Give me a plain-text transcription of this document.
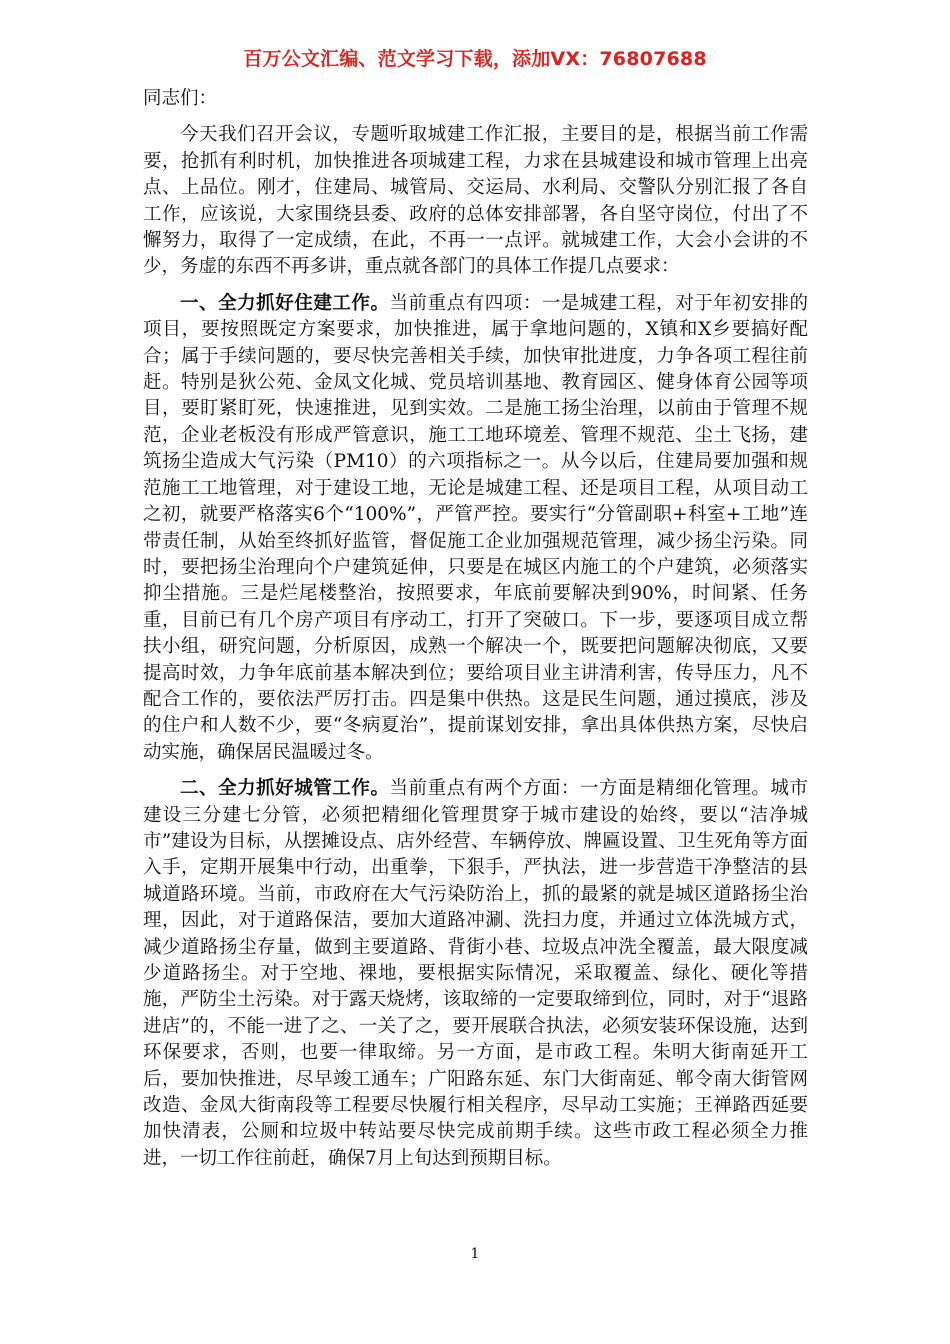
百万公文汇编、范文学习下载，添加VX：76807688

同志们：

今天我们召开会议，专题听取城建工作汇报，主要目的是，根据当前工作需要，抢抓有利时机，加快推进各项城建工程，力求在县城建设和城市管理上出亮点、上品位。刚才，住建局、城管局、交运局、水利局、交警队分别汇报了各自工作，应该说，大家围绕县委、政府的总体安排部署，各自坚守岗位，付出了不懈努力，取得了一定成绩，在此，不再一一点评。就城建工作，大会小会讲的不少，务虚的东西不再多讲，重点就各部门的具体工作提几点要求：

一、全力抓好住建工作。当前重点有四项：一是城建工程，对于年初安排的项目，要按照既定方案要求，加快推进，属于拿地问题的，X镇和X乡要搞好配合；属于手续问题的，要尽快完善相关手续，加快审批进度，力争各项工程往前赶。特别是狄公苑、金凤文化城、党员培训基地、教育园区、健身体育公园等项目，要盯紧盯死，快速推进，见到实效。二是施工扬尘治理，以前由于管理不规范，企业老板没有形成严管意识，施工工地环境差、管理不规范、尘土飞扬，建筑扬尘造成大气污染（PM10）的六项指标之一。从今以后，住建局要加强和规范施工工地管理，对于建设工地，无论是城建工程、还是项目工程，从项目动工之初，就要严格落实6个“100%”，严管严控。要实行“分管副职+科室+工地”连带责任制，从始至终抓好监管，督促施工企业加强规范管理，减少扬尘污染。同时，要把扬尘治理向个户建筑延伸，只要是在城区内施工的个户建筑，必须落实抑尘措施。三是烂尾楼整治，按照要求，年底前要解决到90%，时间紧、任务重，目前已有几个房产项目有序动工，打开了突破口。下一步，要逐项目成立帮扶小组，研究问题，分析原因，成熟一个解决一个，既要把问题解决彻底，又要提高时效，力争年底前基本解决到位；要给项目业主讲清利害，传导压力，凡不配合工作的，要依法严厉打击。四是集中供热。这是民生问题，通过摸底，涉及的住户和人数不少，要“冬病夏治”，提前谋划安排，拿出具体供热方案，尽快启动实施，确保居民温暖过冬。

二、全力抓好城管工作。当前重点有两个方面：一方面是精细化管理。城市建设三分建七分管，必须把精细化管理贯穿于城市建设的始终，要以“洁净城市”建设为目标，从摆摊设点、店外经营、车辆停放、牌匾设置、卫生死角等方面入手，定期开展集中行动，出重拳，下狠手，严执法，进一步营造干净整洁的县城道路环境。当前，市政府在大气污染防治上，抓的最紧的就是城区道路扬尘治理，因此，对于道路保洁，要加大道路冲涮、洗扫力度，并通过立体洗城方式，减少道路扬尘存量，做到主要道路、背街小巷、垃圾点冲洗全覆盖，最大限度减少道路扬尘。对于空地、裸地，要根据实际情况，采取覆盖、绿化、硬化等措施，严防尘土污染。对于露天烧烤，该取缔的一定要取缔到位，同时，对于“退路进店”的，不能一进了之、一关了之，要开展联合执法，必须安装环保设施，达到环保要求，否则，也要一律取缔。另一方面，是市政工程。朱明大街南延开工后，要加快推进，尽早竣工通车；广阳路东延、东门大街南延、郸令南大街管网改造、金凤大街南段等工程要尽快履行相关程序，尽早动工实施；王禅路西延要加快清表，公厕和垃圾中转站要尽快完成前期手续。这些市政工程必须全力推进，一切工作往前赶，确保7月上旬达到预期目标。

1
